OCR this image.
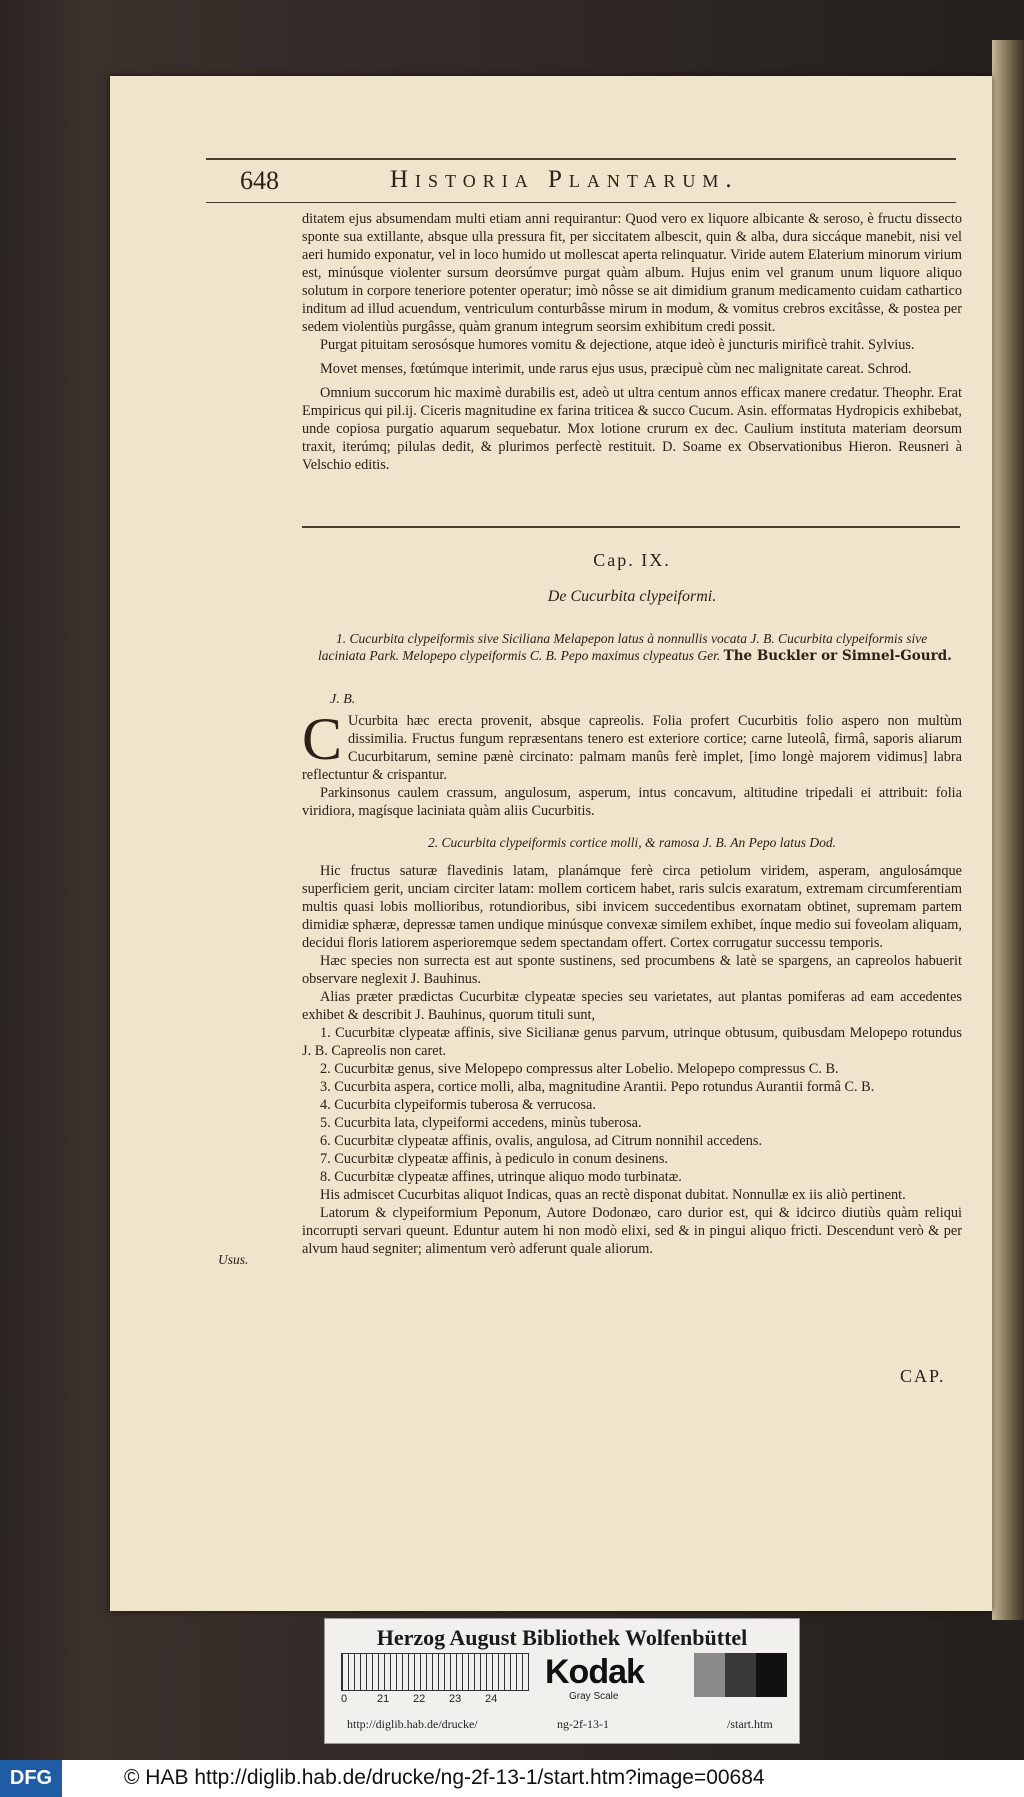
648	Historia Plantarum.

ditatem ejus absumendam multi etiam anni requirantur: Quod vero ex liquore albicante & seroso, è fructu dissecto sponte sua extillante, absque ulla pressura fit, per siccitatem albescit, quin & alba, dura siccáque manebit, nisi vel aeri humido exponatur, vel in loco humido ut mollescat aperta relinquatur. Viride autem Elaterium minorum virium est, minúsque violenter sursum deorsúmve purgat quàm album. Hujus enim vel granum unum liquore aliquo solutum in corpore teneriore potenter operatur; imò nôsse se ait dimidium granum medicamento cuidam cathartico inditum ad illud acuendum, ventriculum conturbâsse mirum in modum, & vomitus crebros excitâsse, & postea per sedem violentiùs purgâsse, quàm granum integrum seorsim exhibitum credi possit.

Purgat pituitam serosósque humores vomitu & dejectione, atque ideò è juncturis mirificè trahit. Sylvius.

Movet menses, fœtúmque interimit, unde rarus ejus usus, præcipuè cùm nec malignitate careat. Schrod.

Omnium succorum hic maximè durabilis est, adeò ut ultra centum annos efficax manere credatur. Theophr. Erat Empiricus qui pil.ij. Ciceris magnitudine ex farina triticea & succo Cucum. Asin. efformatas Hydropicis exhibebat, unde copiosa purgatio aquarum sequebatur. Mox lotione crurum ex dec. Caulium instituta materiam deorsum traxit, iterúmq; pilulas dedit, & plurimos perfectè restituit. D. Soame ex Observationibus Hieron. Reusneri à Velschio editis.

Cap. IX.
De Cucurbita clypeiformi.
1. Cucurbita clypeiformis sive Siciliana Melapepon latus à nonnullis vocata J. B. Cucurbita clypeiformis sive laciniata Park. Melopepo clypeiformis C. B. Pepo maximus clypeatus Ger. The Buckler or Simnel-Gourd.
J. B.

C Ucurbita hæc erecta provenit, absque capreolis. Folia profert Cucurbitis folio aspero non multùm dissimilia. Fructus fungum repræsentans tenero est exteriore cortice; carne luteolâ, firmâ, saporis aliarum Cucurbitarum, semine pænè circinato: palmam manûs ferè implet, [imo longè majorem vidimus] labra reflectuntur & crispantur.

Parkinsonus caulem crassum, angulosum, asperum, intus concavum, altitudine tripedali ei attribuit: folia viridiora, magísque laciniata quàm aliis Cucurbitis.

2. Cucurbita clypeiformis cortice molli, & ramosa J. B. An Pepo latus Dod.

Hic fructus saturæ flavedinis latam, planámque ferè circa petiolum viridem, asperam, angulosámque superficiem gerit, unciam circiter latam: mollem corticem habet, raris sulcis exaratum, extremam circumferentiam multis quasi lobis mollioribus, rotundioribus, sibi invicem succedentibus exornatam obtinet, supremam partem dimidiæ sphæræ, depressæ tamen undique minúsque convexæ similem exhibet, ínque medio sui foveolam aliquam, decidui floris latiorem asperioremque sedem spectandam offert. Cortex corrugatur successu temporis.

Hæc species non surrecta est aut sponte sustinens, sed procumbens & latè se spargens, an capreolos habuerit observare neglexit J. Bauhinus.

Alias præter prædictas Cucurbitæ clypeatæ species seu varietates, aut plantas pomiferas ad eam accedentes exhibet & describit J. Bauhinus, quorum tituli sunt,

1. Cucurbitæ clypeatæ affinis, sive Sicilianæ genus parvum, utrinque obtusum, quibusdam Melopepo rotundus J. B. Capreolis non caret.

2. Cucurbitæ genus, sive Melopepo compressus alter Lobelio. Melopepo compressus C. B.

3. Cucurbita aspera, cortice molli, alba, magnitudine Arantii. Pepo rotundus Aurantii formâ C. B.

4. Cucurbita clypeiformis tuberosa & verrucosa.

5. Cucurbita lata, clypeiformi accedens, minùs tuberosa.

6. Cucurbitæ clypeatæ affinis, ovalis, angulosa, ad Citrum nonnihil accedens.

7. Cucurbitæ clypeatæ affinis, à pediculo in conum desinens.

8. Cucurbitæ clypeatæ affines, utrinque aliquo modo turbinatæ.

His admiscet Cucurbitas aliquot Indicas, quas an rectè disponat dubitat. Nonnullæ ex iis aliò pertinent.

Latorum & clypeiformium Peponum, Autore Dodonæo, caro durior est, qui & idcirco diutiùs quàm reliqui incorrupti servari queunt. Eduntur autem hi non modò elixi, sed & in pingui aliquo fricti. Descendunt verò & per alvum haud segniter; alimentum verò adferunt quale aliorum.

Usus.
CAP.
Herzog August Bibliothek Wolfenbüttel
0	21 22 23 24
Kodak
Gray Scale
http://diglib.hab.de/drucke/	ng-2f-13-1	/start.htm
DFG	© HAB http://diglib.hab.de/drucke/ng-2f-13-1/start.htm?image=00684
